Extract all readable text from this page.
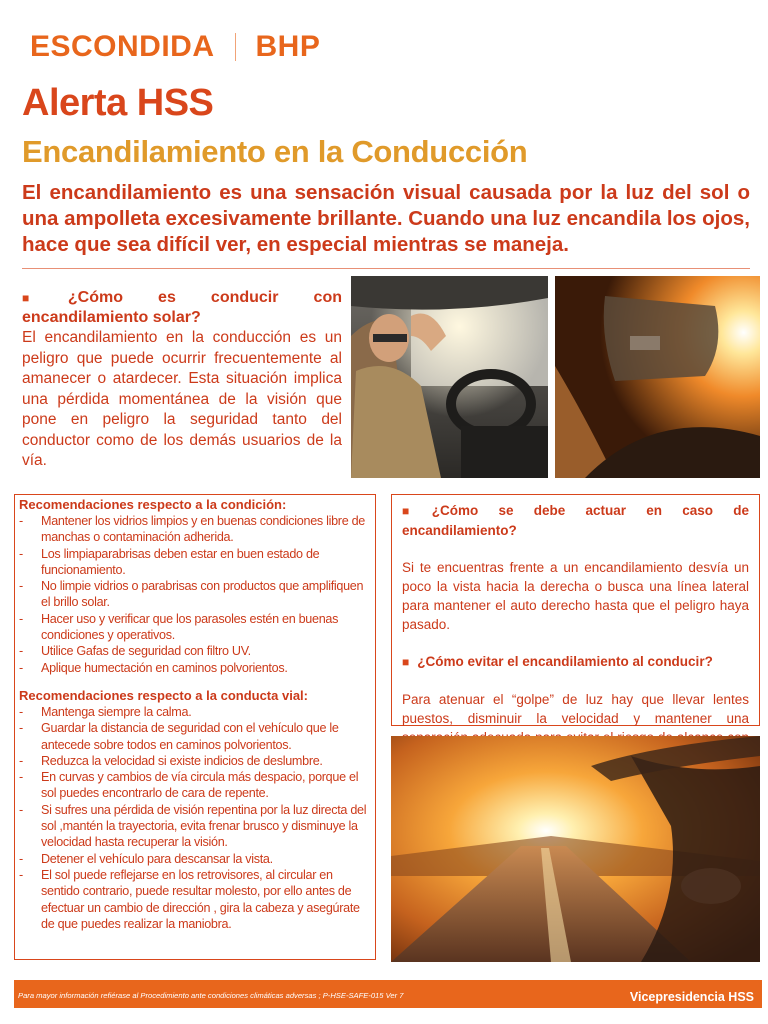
ESCONDIDA BHP
Alerta HSS
Encandilamiento en la Conducción
El encandilamiento es una sensación visual causada por la luz del sol o una ampolleta excesivamente brillante. Cuando una luz encandila los ojos, hace que sea difícil ver, en especial mientras se maneja.
■ ¿Cómo es conducir con encandilamiento solar?
El encandilamiento en la conducción es un peligro que puede ocurrir frecuentemente al amanecer o atardecer. Esta situación implica una pérdida momentánea de la visión que pone en peligro la seguridad tanto del conductor como de los demás usuarios de la vía.
Recomendaciones respecto a la condición:
- Mantener los vidrios limpios y en buenas condiciones libre de manchas o contaminación adherida.
- Los limpiaparabrisas deben estar en buen estado de funcionamiento.
- No limpie vidrios o parabrisas con productos que amplifiquen el brillo solar.
- Hacer uso y verificar que los parasoles estén en buenas condiciones y operativos.
- Utilice Gafas de seguridad con filtro UV.
- Aplique humectación en caminos polvorientos.
Recomendaciones respecto a la conducta vial:
- Mantenga siempre la calma.
- Guardar la distancia de seguridad con el vehículo que le antecede sobre todos en caminos polvorientos.
- Reduzca la velocidad si existe indicios de deslumbre.
- En curvas y cambios de vía circula más despacio, porque el sol puedes encontrarlo de cara de repente.
- Si sufres una pérdida de visión repentina por la luz directa del sol ,mantén la trayectoria, evita frenar brusco y disminuye la velocidad hasta recuperar la visión.
- Detener el vehículo para descansar la vista.
- El sol puede reflejarse en los retrovisores, al circular en sentido contrario, puede resultar molesto, por ello antes de efectuar un cambio de dirección , gira la cabeza y asegúrate de que puedes realizar la maniobra.
■ ¿Cómo se debe actuar en caso de encandilamiento?
Si te encuentras frente a un encandilamiento desvía un poco la vista hacia la derecha o busca una línea lateral para mantener el auto derecho hasta que el peligro haya pasado.
■ ¿Cómo evitar el encandilamiento al conducir?
Para atenuar el “golpe” de luz hay que llevar lentes puestos, disminuir la velocidad y mantener una
Para mayor información refiérase al Procedimiento ante condiciones climáticas adversas ; P-HSE-SAFE-015 Ver 7	Vicepresidencia HSS
